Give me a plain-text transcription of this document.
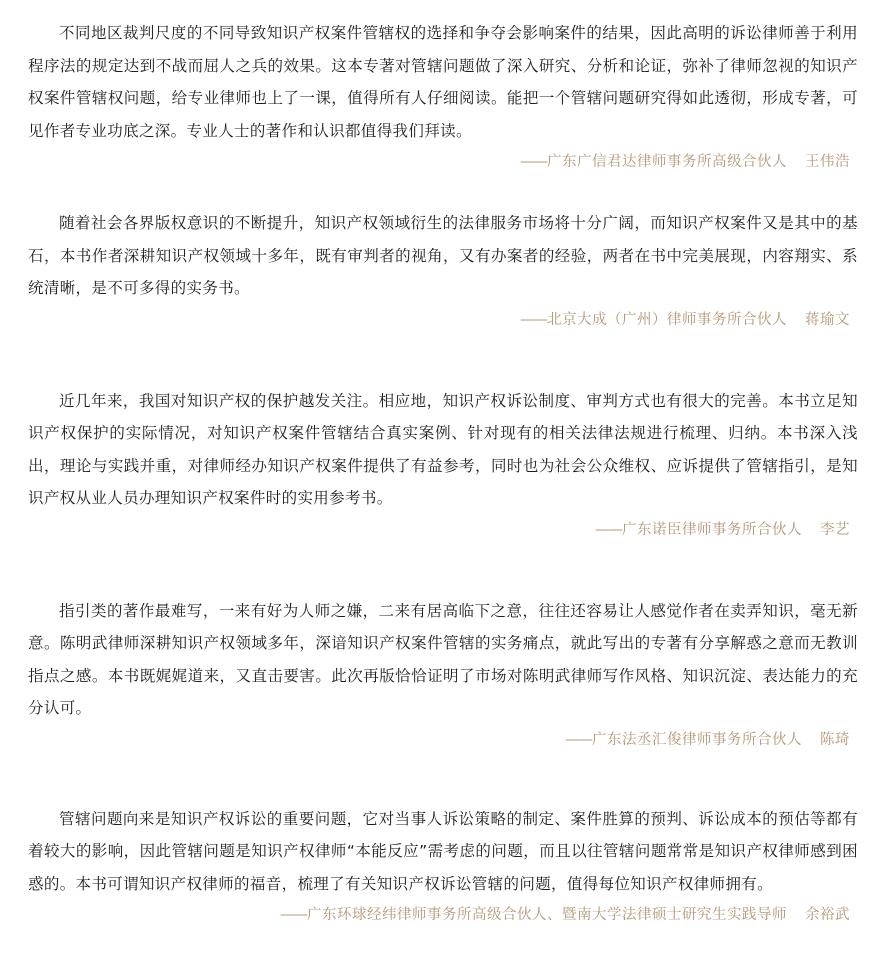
不同地区裁判尺度的不同导致知识产权案件管辖权的选择和争夺会影响案件的结果，因此高明的诉讼律师善于利用程序法的规定达到不战而屈人之兵的效果。这本专著对管辖问题做了深入研究、分析和论证，弥补了律师忽视的知识产权案件管辖权问题，给专业律师也上了一课，值得所有人仔细阅读。能把一个管辖问题研究得如此透彻，形成专著，可见作者专业功底之深。专业人士的著作和认识都值得我们拜读。

——广东广信君达律师事务所高级合伙人 王伟浩

随着社会各界版权意识的不断提升，知识产权领域衍生的法律服务市场将十分广阔，而知识产权案件又是其中的基石，本书作者深耕知识产权领域十多年，既有审判者的视角，又有办案者的经验，两者在书中完美展现，内容翔实、系统清晰，是不可多得的实务书。

——北京大成（广州）律师事务所合伙人 蒋瑜文

近几年来，我国对知识产权的保护越发关注。相应地，知识产权诉讼制度、审判方式也有很大的完善。本书立足知识产权保护的实际情况，对知识产权案件管辖结合真实案例、针对现有的相关法律法规进行梳理、归纳。本书深入浅出，理论与实践并重，对律师经办知识产权案件提供了有益参考，同时也为社会公众维权、应诉提供了管辖指引，是知识产权从业人员办理知识产权案件时的实用参考书。

——广东诺臣律师事务所合伙人 李艺

指引类的著作最难写，一来有好为人师之嫌，二来有居高临下之意，往往还容易让人感觉作者在卖弄知识，毫无新意。陈明武律师深耕知识产权领域多年，深谙知识产权案件管辖的实务痛点，就此写出的专著有分享解惑之意而无教训指点之感。本书既娓娓道来，又直击要害。此次再版恰恰证明了市场对陈明武律师写作风格、知识沉淀、表达能力的充分认可。

——广东法丞汇俊律师事务所合伙人 陈琦

管辖问题向来是知识产权诉讼的重要问题，它对当事人诉讼策略的制定、案件胜算的预判、诉讼成本的预估等都有着较大的影响，因此管辖问题是知识产权律师“本能反应”需考虑的问题，而且以往管辖问题常常是知识产权律师感到困惑的。本书可谓知识产权律师的福音，梳理了有关知识产权诉讼管辖的问题，值得每位知识产权律师拥有。

——广东环球经纬律师事务所高级合伙人、暨南大学法律硕士研究生实践导师 余裕武
